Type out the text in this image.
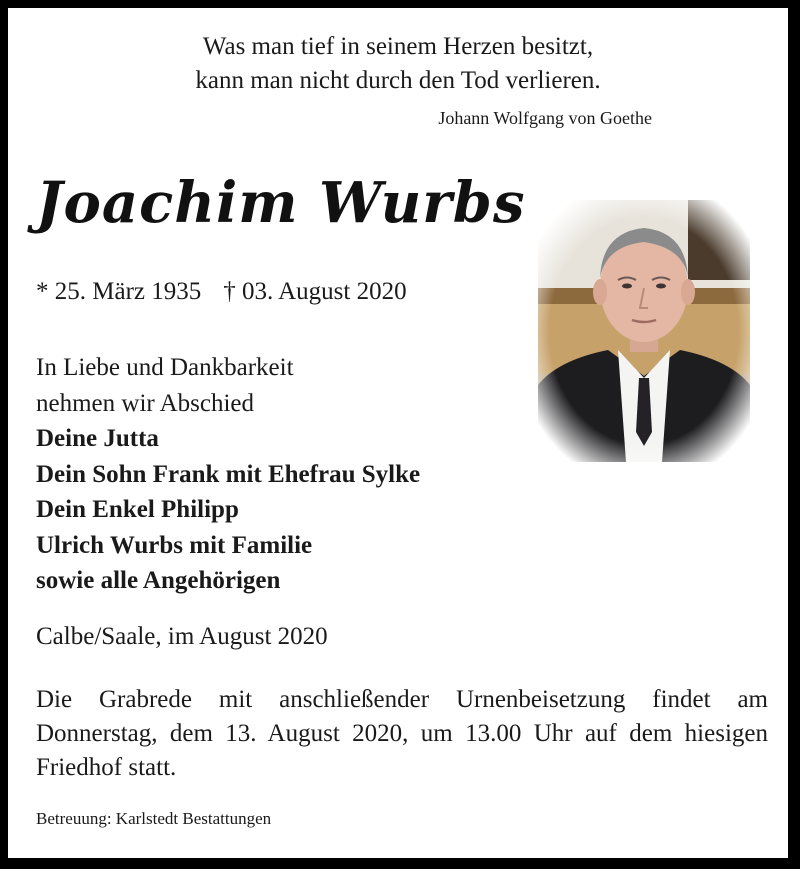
Was man tief in seinem Herzen besitzt,
kann man nicht durch den Tod verlieren.
Johann Wolfgang von Goethe
Joachim Wurbs
* 25. März 1935 † 03. August 2020
In Liebe und Dankbarkeit
nehmen wir Abschied
Deine Jutta
Dein Sohn Frank mit Ehefrau Sylke
Dein Enkel Philipp
Ulrich Wurbs mit Familie
sowie alle Angehörigen
Calbe/Saale, im August 2020
Die Grabrede mit anschließender Urnenbeisetzung findet am Donnerstag, dem 13. August 2020, um 13.00 Uhr auf dem hiesigen Friedhof statt.
Betreuung: Karlstedt Bestattungen
